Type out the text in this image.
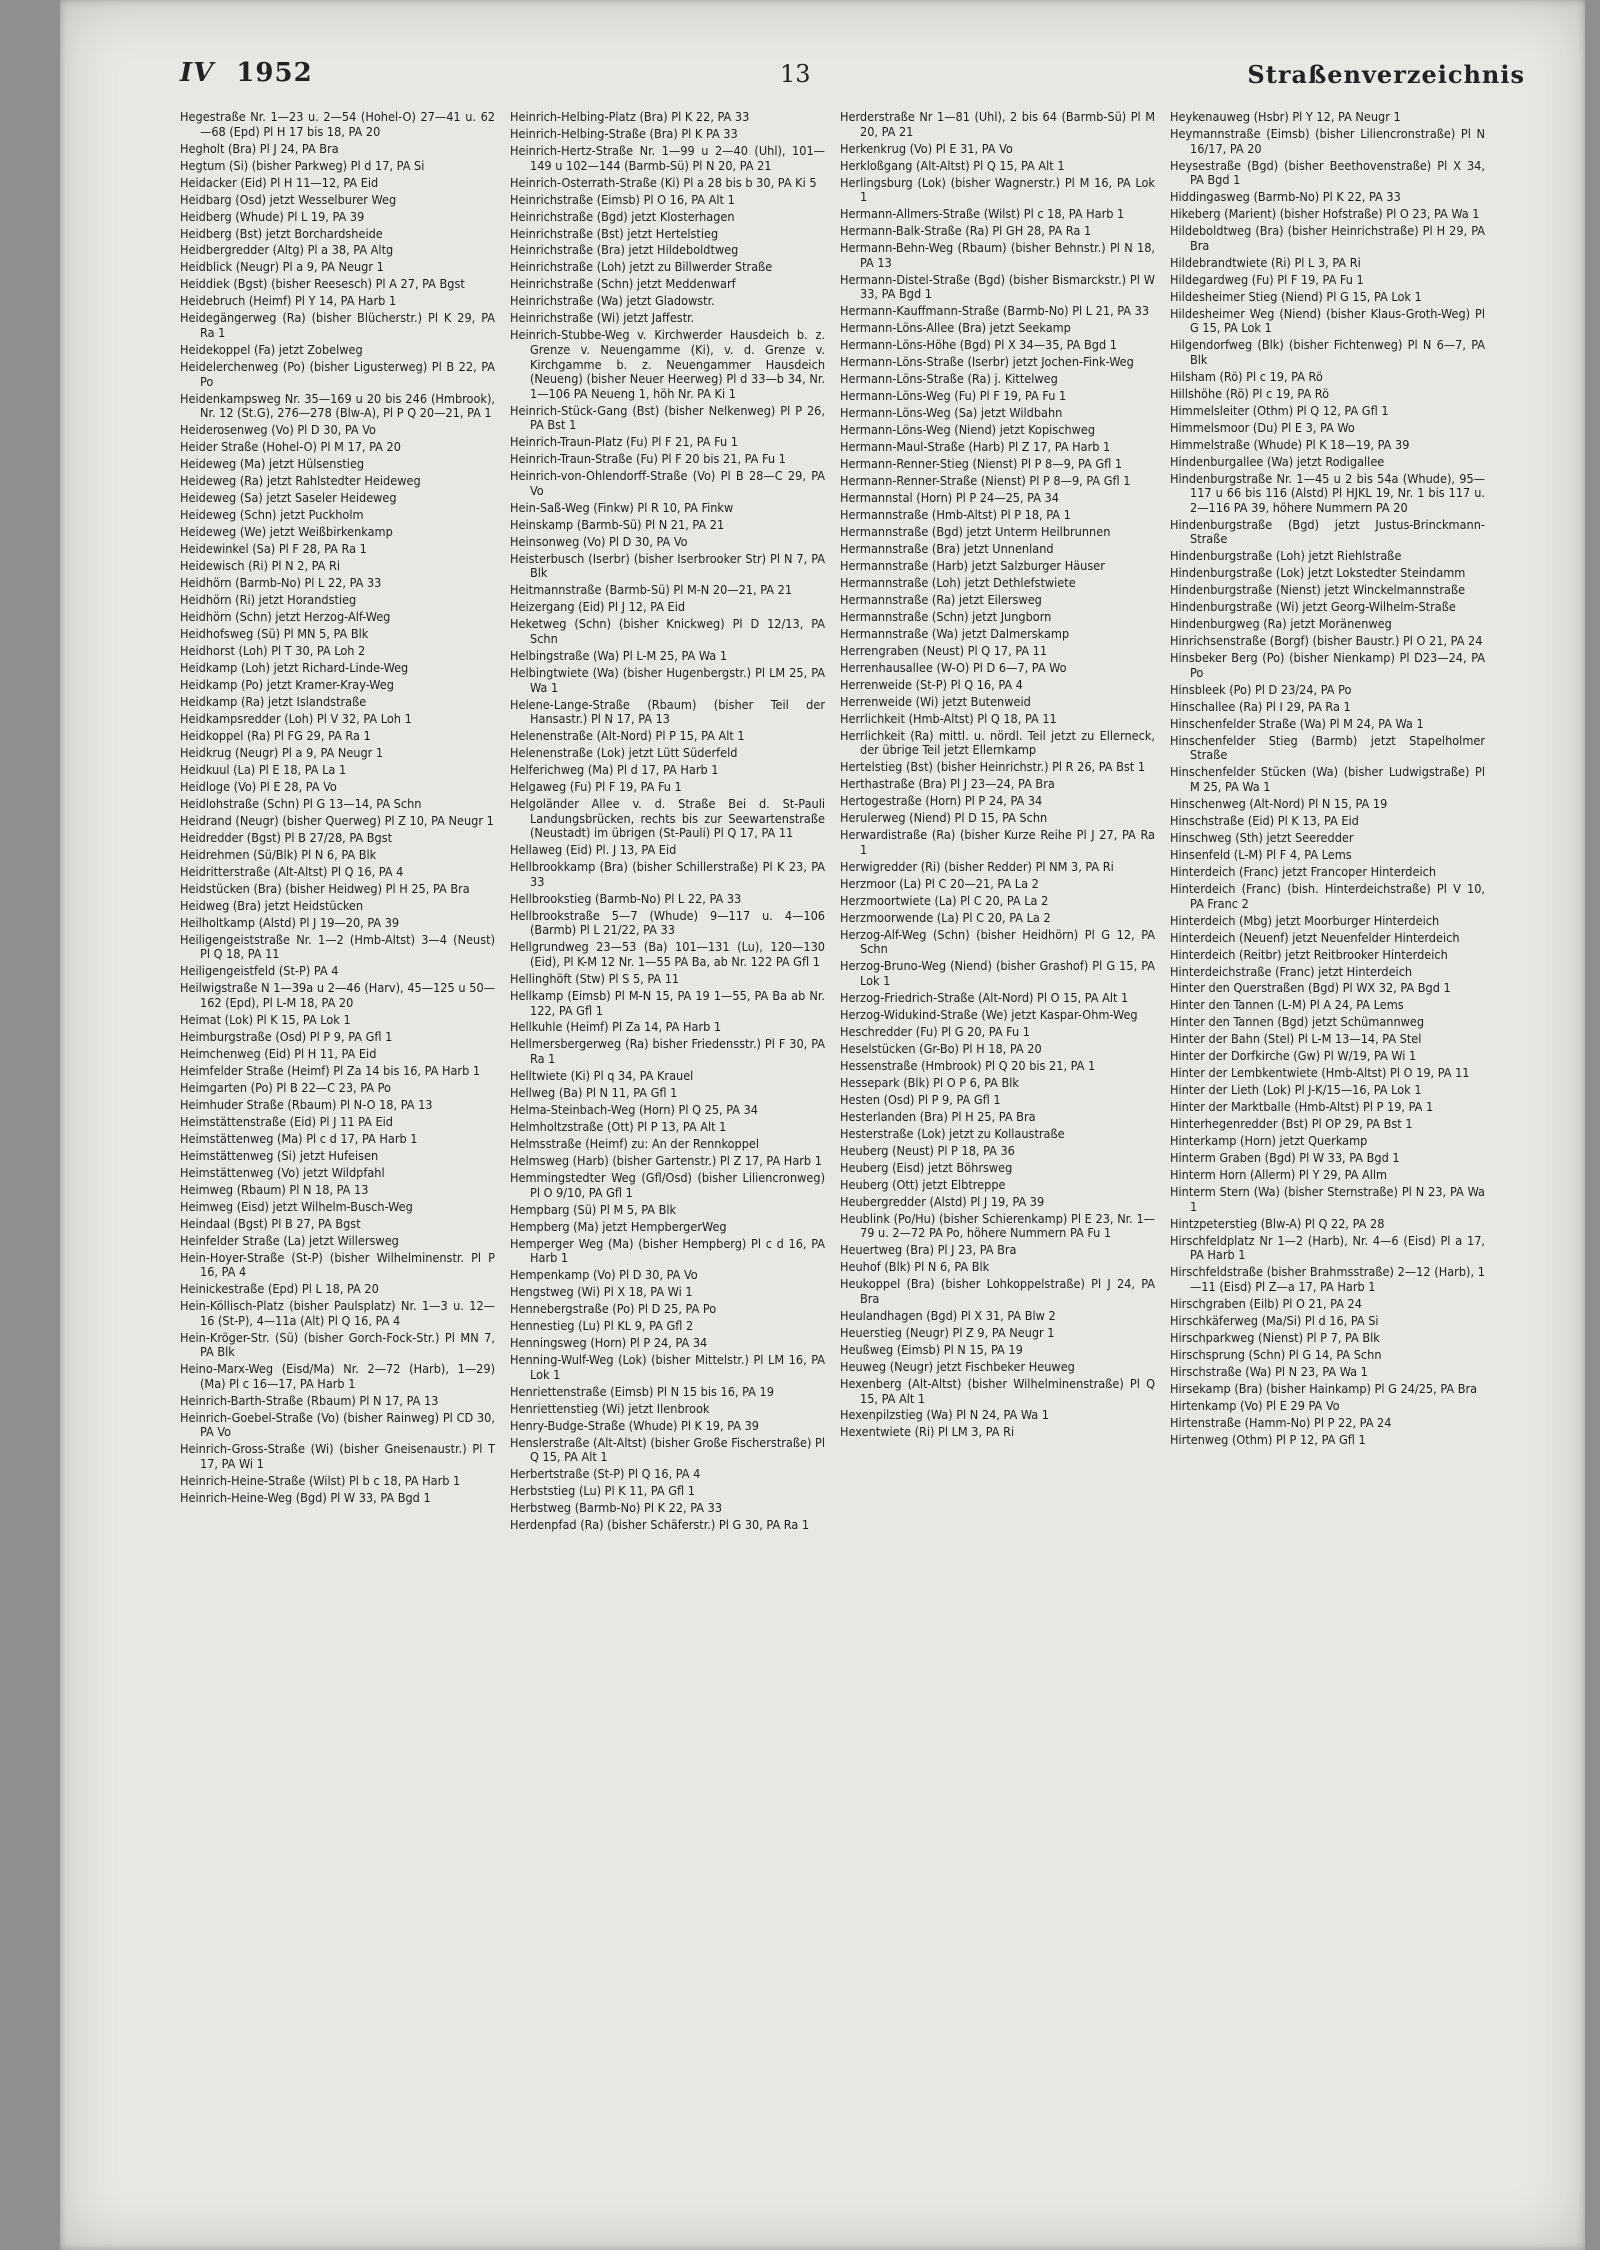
IV 1952	13	Straßenverzeichnis
Hegestraße Nr. 1—23 u. 2—54 (Hohel-O) 27—41 u. 62—68 (Epd) Pl H 17 bis 18, PA 20
Hegholt (Bra) Pl J 24, PA Bra
Hegtum (Si) (bisher Parkweg) Pl d 17, PA Si
Heidacker (Eid) Pl H 11—12, PA Eid
Heidbarg (Osd) jetzt Wesselburer Weg
Heidberg (Whude) Pl L 19, PA 39
Heidberg (Bst) jetzt Borchardsheide
Heidbergredder (Altg) Pl a 38, PA Altg
Heidblick (Neugr) Pl a 9, PA Neugr 1
Heiddiek (Bgst) (bisher Reesesch) Pl A 27, PA Bgst
Heidebruch (Heimf) Pl Y 14, PA Harb 1
Heidegängerweg (Ra) (bisher Blücherstr.) Pl K 29, PA Ra 1
Heidekoppel (Fa) jetzt Zobelweg
Heidelerchenweg (Po) (bisher Ligusterweg) Pl B 22, PA Po
Heidenkampsweg Nr. 35—169 u 20 bis 246 (Hmbrook), Nr. 12 (St.G), 276—278 (Blw-A), Pl P Q 20—21, PA 1
Heiderosenweg (Vo) Pl D 30, PA Vo
Heider Straße (Hohel-O) Pl M 17, PA 20
Heideweg (Ma) jetzt Hülsenstieg
Heideweg (Ra) jetzt Rahlstedter Heideweg
Heideweg (Sa) jetzt Saseler Heideweg
Heideweg (Schn) jetzt Puckholm
Heideweg (We) jetzt Weißbirkenkamp
Heidewinkel (Sa) Pl F 28, PA Ra 1
Heidewisch (Ri) Pl N 2, PA Ri
Heidhörn (Barmb-No) Pl L 22, PA 33
Heidhörn (Ri) jetzt Horandstieg
Heidhörn (Schn) jetzt Herzog-Alf-Weg
Heidhofsweg (Sü) Pl MN 5, PA Blk
Heidhorst (Loh) Pl T 30, PA Loh 2
Heidkamp (Loh) jetzt Richard-Linde-Weg
Heidkamp (Po) jetzt Kramer-Kray-Weg
Heidkamp (Ra) jetzt Islandstraße
Heidkampsredder (Loh) Pl V 32, PA Loh 1
Heidkoppel (Ra) Pl FG 29, PA Ra 1
Heidkrug (Neugr) Pl a 9, PA Neugr 1
Heidkuul (La) Pl E 18, PA La 1
Heidloge (Vo) Pl E 28, PA Vo
Heidlohstraße (Schn) Pl G 13—14, PA Schn
Heidrand (Neugr) (bisher Querweg) Pl Z 10, PA Neugr 1
Heidredder (Bgst) Pl B 27/28, PA Bgst
Heidrehmen (Sü/Blk) Pl N 6, PA Blk
Heidritterstraße (Alt-Altst) Pl Q 16, PA 4
Heidstücken (Bra) (bisher Heidweg) Pl H 25, PA Bra
Heidweg (Bra) jetzt Heidstücken
Heilholtkamp (Alstd) Pl J 19—20, PA 39
Heiligengeiststraße Nr. 1—2 (Hmb-Altst) 3—4 (Neust) Pl Q 18, PA 11
Heiligengeistfeld (St-P) PA 4
Heilwigstraße N 1—39a u 2—46 (Harv), 45—125 u 50—162 (Epd), Pl L-M 18, PA 20
Heimat (Lok) Pl K 15, PA Lok 1
Heimburgstraße (Osd) Pl P 9, PA Gfl 1
Heimchenweg (Eid) Pl H 11, PA Eid
Heimfelder Straße (Heimf) Pl Za 14 bis 16, PA Harb 1
Heimgarten (Po) Pl B 22—C 23, PA Po
Heimhuder Straße (Rbaum) Pl N-O 18, PA 13
Heimstättenstraße (Eid) Pl J 11 PA Eid
Heimstättenweg (Ma) Pl c d 17, PA Harb 1
Heimstättenweg (Si) jetzt Hufeisen
Heimstättenweg (Vo) jetzt Wildpfahl
Heimweg (Rbaum) Pl N 18, PA 13
Heimweg (Eisd) jetzt Wilhelm-Busch-Weg
Heindaal (Bgst) Pl B 27, PA Bgst
Heinfelder Straße (La) jetzt Willersweg
Hein-Hoyer-Straße (St-P) (bisher Wilhelminenstr. Pl P 16, PA 4
Heinickestraße (Epd) Pl L 18, PA 20
Hein-Köllisch-Platz (bisher Paulsplatz) Nr. 1—3 u. 12—16 (St-P), 4—11a (Alt) Pl Q 16, PA 4
Hein-Kröger-Str. (Sü) (bisher Gorch-Fock-Str.) Pl MN 7, PA Blk
Heino-Marx-Weg (Eisd/Ma) Nr. 2—72 (Harb), 1—29) (Ma) Pl c 16—17, PA Harb 1
Heinrich-Barth-Straße (Rbaum) Pl N 17, PA 13
Heinrich-Goebel-Straße (Vo) (bisher Rainweg) Pl CD 30, PA Vo
Heinrich-Gross-Straße (Wi) (bisher Gneisenaustr.) Pl T 17, PA Wi 1
Heinrich-Heine-Straße (Wilst) Pl b c 18, PA Harb 1
Heinrich-Heine-Weg (Bgd) Pl W 33, PA Bgd 1
Heinrich-Helbing-Platz (Bra) Pl K 22, PA 33
Heinrich-Helbing-Straße (Bra) Pl K PA 33
Heinrich-Hertz-Straße Nr. 1—99 u 2—40 (Uhl), 101—149 u 102—144 (Barmb-Sü) Pl N 20, PA 21
Heinrich-Osterrath-Straße (Ki) Pl a 28 bis b 30, PA Ki 5
Heinrichstraße (Eimsb) Pl O 16, PA Alt 1
Heinrichstraße (Bgd) jetzt Klosterhagen
Heinrichstraße (Bst) jetzt Hertelstieg
Heinrichstraße (Bra) jetzt Hildeboldtweg
Heinrichstraße (Loh) jetzt zu Billwerder Straße
Heinrichstraße (Schn) jetzt Meddenwarf
Heinrichstraße (Wa) jetzt Gladowstr.
Heinrichstraße (Wi) jetzt Jaffestr.
Heinrich-Stubbe-Weg v. Kirchwerder Hausdeich b. z. Grenze v. Neuengamme (Ki), v. d. Grenze v. Kirchgamme b. z. Neuengammer Hausdeich (Neueng) (bisher Neuer Heerweg) Pl d 33—b 34, Nr. 1—106 PA Neueng 1, höh Nr. PA Ki 1
Heinrich-Stück-Gang (Bst) (bisher Nelkenweg) Pl P 26, PA Bst 1
Heinrich-Traun-Platz (Fu) Pl F 21, PA Fu 1
Heinrich-Traun-Straße (Fu) Pl F 20 bis 21, PA Fu 1
Heinrich-von-Ohlendorff-Straße (Vo) Pl B 28—C 29, PA Vo
Hein-Saß-Weg (Finkw) Pl R 10, PA Finkw
Heinskamp (Barmb-Sü) Pl N 21, PA 21
Heinsonweg (Vo) Pl D 30, PA Vo
Heisterbusch (Iserbr) (bisher Iserbrooker Str) Pl N 7, PA Blk
Heitmannstraße (Barmb-Sü) Pl M-N 20—21, PA 21
Heizergang (Eid) Pl J 12, PA Eid
Heketweg (Schn) (bisher Knickweg) Pl D 12/13, PA Schn
Helbingstraße (Wa) Pl L-M 25, PA Wa 1
Helbingtwiete (Wa) (bisher Hugenbergstr.) Pl LM 25, PA Wa 1
Helene-Lange-Straße (Rbaum) (bisher Teil der Hansastr.) Pl N 17, PA 13
Helenenstraße (Alt-Nord) Pl P 15, PA Alt 1
Helenenstraße (Lok) jetzt Lütt Süderfeld
Helferichweg (Ma) Pl d 17, PA Harb 1
Helgaweg (Fu) Pl F 19, PA Fu 1
Helgoländer Allee v. d. Straße Bei d. St-Pauli Landungsbrücken, rechts bis zur Seewartenstraße (Neustadt) im übrigen (St-Pauli) Pl Q 17, PA 11
Hellaweg (Eid) Pl. J 13, PA Eid
Hellbrookkamp (Bra) (bisher Schillerstraße) Pl K 23, PA 33
Hellbrookstieg (Barmb-No) Pl L 22, PA 33
Hellbrookstraße 5—7 (Whude) 9—117 u. 4—106 (Barmb) Pl L 21/22, PA 33
Hellgrundweg 23—53 (Ba) 101—131 (Lu), 120—130 (Eid), Pl K-M 12 Nr. 1—55 PA Ba, ab Nr. 122 PA Gfl 1
Hellinghöft (Stw) Pl S 5, PA 11
Hellkamp (Eimsb) Pl M-N 15, PA 19 1—55, PA Ba ab Nr. 122, PA Gfl 1
Hellkuhle (Heimf) Pl Za 14, PA Harb 1
Hellmersbergerweg (Ra) bisher Friedensstr.) Pl F 30, PA Ra 1
Helltwiete (Ki) Pl q 34, PA Krauel
Hellweg (Ba) Pl N 11, PA Gfl 1
Helma-Steinbach-Weg (Horn) Pl Q 25, PA 34
Helmholtzstraße (Ott) Pl P 13, PA Alt 1
Helmsstraße (Heimf) zu: An der Rennkoppel
Helmsweg (Harb) (bisher Gartenstr.) Pl Z 17, PA Harb 1
Hemmingstedter Weg (Gfl/Osd) (bisher Liliencronweg) Pl O 9/10, PA Gfl 1
Hempbarg (Sü) Pl M 5, PA Blk
Hempberg (Ma) jetzt HempbergerWeg
Hemperger Weg (Ma) (bisher Hempberg) Pl c d 16, PA Harb 1
Hempenkamp (Vo) Pl D 30, PA Vo
Hengstweg (Wi) Pl X 18, PA Wi 1
Hennebergstraße (Po) Pl D 25, PA Po
Hennestieg (Lu) Pl KL 9, PA Gfl 2
Henningsweg (Horn) Pl P 24, PA 34
Henning-Wulf-Weg (Lok) (bisher Mittelstr.) Pl LM 16, PA Lok 1
Henriettenstraße (Eimsb) Pl N 15 bis 16, PA 19
Henriettenstieg (Wi) jetzt Ilenbrook
Henry-Budge-Straße (Whude) Pl K 19, PA 39
Henslerstraße (Alt-Altst) (bisher Große Fischerstraße) Pl Q 15, PA Alt 1
Herbertstraße (St-P) Pl Q 16, PA 4
Herbststieg (Lu) Pl K 11, PA Gfl 1
Herbstweg (Barmb-No) Pl K 22, PA 33
Herdenpfad (Ra) (bisher Schäferstr.) Pl G 30, PA Ra 1
Herderstraße Nr 1—81 (Uhl), 2 bis 64 (Barmb-Sü) Pl M 20, PA 21
Herkenkrug (Vo) Pl E 31, PA Vo
Herkloßgang (Alt-Altst) Pl Q 15, PA Alt 1
Herlingsburg (Lok) (bisher Wagnerstr.) Pl M 16, PA Lok 1
Hermann-Allmers-Straße (Wilst) Pl c 18, PA Harb 1
Hermann-Balk-Straße (Ra) Pl GH 28, PA Ra 1
Hermann-Behn-Weg (Rbaum) (bisher Behnstr.) Pl N 18, PA 13
Hermann-Distel-Straße (Bgd) (bisher Bismarckstr.) Pl W 33, PA Bgd 1
Hermann-Kauffmann-Straße (Barmb-No) Pl L 21, PA 33
Hermann-Löns-Allee (Bra) jetzt Seekamp
Hermann-Löns-Höhe (Bgd) Pl X 34—35, PA Bgd 1
Hermann-Löns-Straße (Iserbr) jetzt Jochen-Fink-Weg
Hermann-Löns-Straße (Ra) j. Kittelweg
Hermann-Löns-Weg (Fu) Pl F 19, PA Fu 1
Hermann-Löns-Weg (Sa) jetzt Wildbahn
Hermann-Löns-Weg (Niend) jetzt Kopischweg
Hermann-Maul-Straße (Harb) Pl Z 17, PA Harb 1
Hermann-Renner-Stieg (Nienst) Pl P 8—9, PA Gfl 1
Hermann-Renner-Straße (Nienst) Pl P 8—9, PA Gfl 1
Hermannstal (Horn) Pl P 24—25, PA 34
Hermannstraße (Hmb-Altst) Pl P 18, PA 1
Hermannstraße (Bgd) jetzt Unterm Heilbrunnen
Hermannstraße (Bra) jetzt Unnenland
Hermannstraße (Harb) jetzt Salzburger Häuser
Hermannstraße (Loh) jetzt Dethlefstwiete
Hermannstraße (Ra) jetzt Eilersweg
Hermannstraße (Schn) jetzt Jungborn
Hermannstraße (Wa) jetzt Dalmerskamp
Herrengraben (Neust) Pl Q 17, PA 11
Herrenhausallee (W-O) Pl D 6—7, PA Wo
Herrenweide (St-P) Pl Q 16, PA 4
Herrenweide (Wi) jetzt Butenweid
Herrlichkeit (Hmb-Altst) Pl Q 18, PA 11
Herrlichkeit (Ra) mittl. u. nördl. Teil jetzt zu Ellerneck, der übrige Teil jetzt Ellernkamp
Hertelstieg (Bst) (bisher Heinrichstr.) Pl R 26, PA Bst 1
Herthastraße (Bra) Pl J 23—24, PA Bra
Hertogestraße (Horn) Pl P 24, PA 34
Herulerweg (Niend) Pl D 15, PA Schn
Herwardistraße (Ra) (bisher Kurze Reihe Pl J 27, PA Ra 1
Herwigredder (Ri) (bisher Redder) Pl NM 3, PA Ri
Herzmoor (La) Pl C 20—21, PA La 2
Herzmoortwiete (La) Pl C 20, PA La 2
Herzmoorwende (La) Pl C 20, PA La 2
Herzog-Alf-Weg (Schn) (bisher Heidhörn) Pl G 12, PA Schn
Herzog-Bruno-Weg (Niend) (bisher Grashof) Pl G 15, PA Lok 1
Herzog-Friedrich-Straße (Alt-Nord) Pl O 15, PA Alt 1
Herzog-Widukind-Straße (We) jetzt Kaspar-Ohm-Weg
Heschredder (Fu) Pl G 20, PA Fu 1
Heselstücken (Gr-Bo) Pl H 18, PA 20
Hessenstraße (Hmbrook) Pl Q 20 bis 21, PA 1
Hessepark (Blk) Pl O P 6, PA Blk
Hesten (Osd) Pl P 9, PA Gfl 1
Hesterlanden (Bra) Pl H 25, PA Bra
Hesterstraße (Lok) jetzt zu Kollaustraße
Heuberg (Neust) Pl P 18, PA 36
Heuberg (Eisd) jetzt Böhrsweg
Heuberg (Ott) jetzt Elbtreppe
Heubergredder (Alstd) Pl J 19, PA 39
Heublink (Po/Hu) (bisher Schierenkamp) Pl E 23, Nr. 1—79 u. 2—72 PA Po, höhere Nummern PA Fu 1
Heuertweg (Bra) Pl J 23, PA Bra
Heuhof (Blk) Pl N 6, PA Blk
Heukoppel (Bra) (bisher Lohkoppelstraße) Pl J 24, PA Bra
Heulandhagen (Bgd) Pl X 31, PA Blw 2
Heuerstieg (Neugr) Pl Z 9, PA Neugr 1
Heußweg (Eimsb) Pl N 15, PA 19
Heuweg (Neugr) jetzt Fischbeker Heuweg
Hexenberg (Alt-Altst) (bisher Wilhelminenstraße) Pl Q 15, PA Alt 1
Hexenpilzstieg (Wa) Pl N 24, PA Wa 1
Hexentwiete (Ri) Pl LM 3, PA Ri
Heykenauweg (Hsbr) Pl Y 12, PA Neugr 1
Heymannstraße (Eimsb) (bisher Liliencronstraße) Pl N 16/17, PA 20
Heysestraße (Bgd) (bisher Beethovenstraße) Pl X 34, PA Bgd 1
Hiddingasweg (Barmb-No) Pl K 22, PA 33
Hikeberg (Marient) (bisher Hofstraße) Pl O 23, PA Wa 1
Hildeboldtweg (Bra) (bisher Heinrichstraße) Pl H 29, PA Bra
Hildebrandtwiete (Ri) Pl L 3, PA Ri
Hildegardweg (Fu) Pl F 19, PA Fu 1
Hildesheimer Stieg (Niend) Pl G 15, PA Lok 1
Hildesheimer Weg (Niend) (bisher Klaus-Groth-Weg) Pl G 15, PA Lok 1
Hilgendorfweg (Blk) (bisher Fichtenweg) Pl N 6—7, PA Blk
Hilsham (Rö) Pl c 19, PA Rö
Hillshöhe (Rö) Pl c 19, PA Rö
Himmelsleiter (Othm) Pl Q 12, PA Gfl 1
Himmelsmoor (Du) Pl E 3, PA Wo
Himmelstraße (Whude) Pl K 18—19, PA 39
Hindenburgallee (Wa) jetzt Rodigallee
Hindenburgstraße Nr. 1—45 u 2 bis 54a (Whude), 95—117 u 66 bis 116 (Alstd) Pl HJKL 19, Nr. 1 bis 117 u. 2—116 PA 39, höhere Nummern PA 20
Hindenburgstraße (Bgd) jetzt Justus-Brinckmann-Straße
Hindenburgstraße (Loh) jetzt Riehlstraße
Hindenburgstraße (Lok) jetzt Lokstedter Steindamm
Hindenburgstraße (Nienst) jetzt Winckelmannstraße
Hindenburgstraße (Wi) jetzt Georg-Wilhelm-Straße
Hindenburgweg (Ra) jetzt Moränenweg
Hinrichsenstraße (Borgf) (bisher Baustr.) Pl O 21, PA 24
Hinsbeker Berg (Po) (bisher Nienkamp) Pl D23—24, PA Po
Hinsbleek (Po) Pl D 23/24, PA Po
Hinschallee (Ra) Pl I 29, PA Ra 1
Hinschenfelder Straße (Wa) Pl M 24, PA Wa 1
Hinschenfelder Stieg (Barmb) jetzt Stapelholmer Straße
Hinschenfelder Stücken (Wa) (bisher Ludwigstraße) Pl M 25, PA Wa 1
Hinschenweg (Alt-Nord) Pl N 15, PA 19
Hinschstraße (Eid) Pl K 13, PA Eid
Hinschweg (Sth) jetzt Seeredder
Hinsenfeld (L-M) Pl F 4, PA Lems
Hinterdeich (Franc) jetzt Francoper Hinterdeich
Hinterdeich (Franc) (bish. Hinterdeichstraße) Pl V 10, PA Franc 2
Hinterdeich (Mbg) jetzt Moorburger Hinterdeich
Hinterdeich (Neuenf) jetzt Neuenfelder Hinterdeich
Hinterdeich (Reitbr) jetzt Reitbrooker Hinterdeich
Hinterdeichstraße (Franc) jetzt Hinterdeich
Hinter den Querstraßen (Bgd) Pl WX 32, PA Bgd 1
Hinter den Tannen (L-M) Pl A 24, PA Lems
Hinter den Tannen (Bgd) jetzt Schümannweg
Hinter der Bahn (Stel) Pl L-M 13—14, PA Stel
Hinter der Dorfkirche (Gw) Pl W/19, PA Wi 1
Hinter der Lembkentwiete (Hmb-Altst) Pl O 19, PA 11
Hinter der Lieth (Lok) Pl J-K/15—16, PA Lok 1
Hinter der Marktballe (Hmb-Altst) Pl P 19, PA 1
Hinterhegenredder (Bst) Pl OP 29, PA Bst 1
Hinterkamp (Horn) jetzt Querkamp
Hinterm Graben (Bgd) Pl W 33, PA Bgd 1
Hinterm Horn (Allerm) Pl Y 29, PA Allm
Hinterm Stern (Wa) (bisher Sternstraße) Pl N 23, PA Wa 1
Hintzpeterstieg (Blw-A) Pl Q 22, PA 28
Hirschfeldplatz Nr 1—2 (Harb), Nr. 4—6 (Eisd) Pl a 17, PA Harb 1
Hirschfeldstraße (bisher Brahmsstraße) 2—12 (Harb), 1—11 (Eisd) Pl Z—a 17, PA Harb 1
Hirschgraben (Eilb) Pl O 21, PA 24
Hirschkäferweg (Ma/Si) Pl d 16, PA Si
Hirschparkweg (Nienst) Pl P 7, PA Blk
Hirschsprung (Schn) Pl G 14, PA Schn
Hirschstraße (Wa) Pl N 23, PA Wa 1
Hirsekamp (Bra) (bisher Hainkamp) Pl G 24/25, PA Bra
Hirtenkamp (Vo) Pl E 29 PA Vo
Hirtenstraße (Hamm-No) Pl P 22, PA 24
Hirtenweg (Othm) Pl P 12, PA Gfl 1
